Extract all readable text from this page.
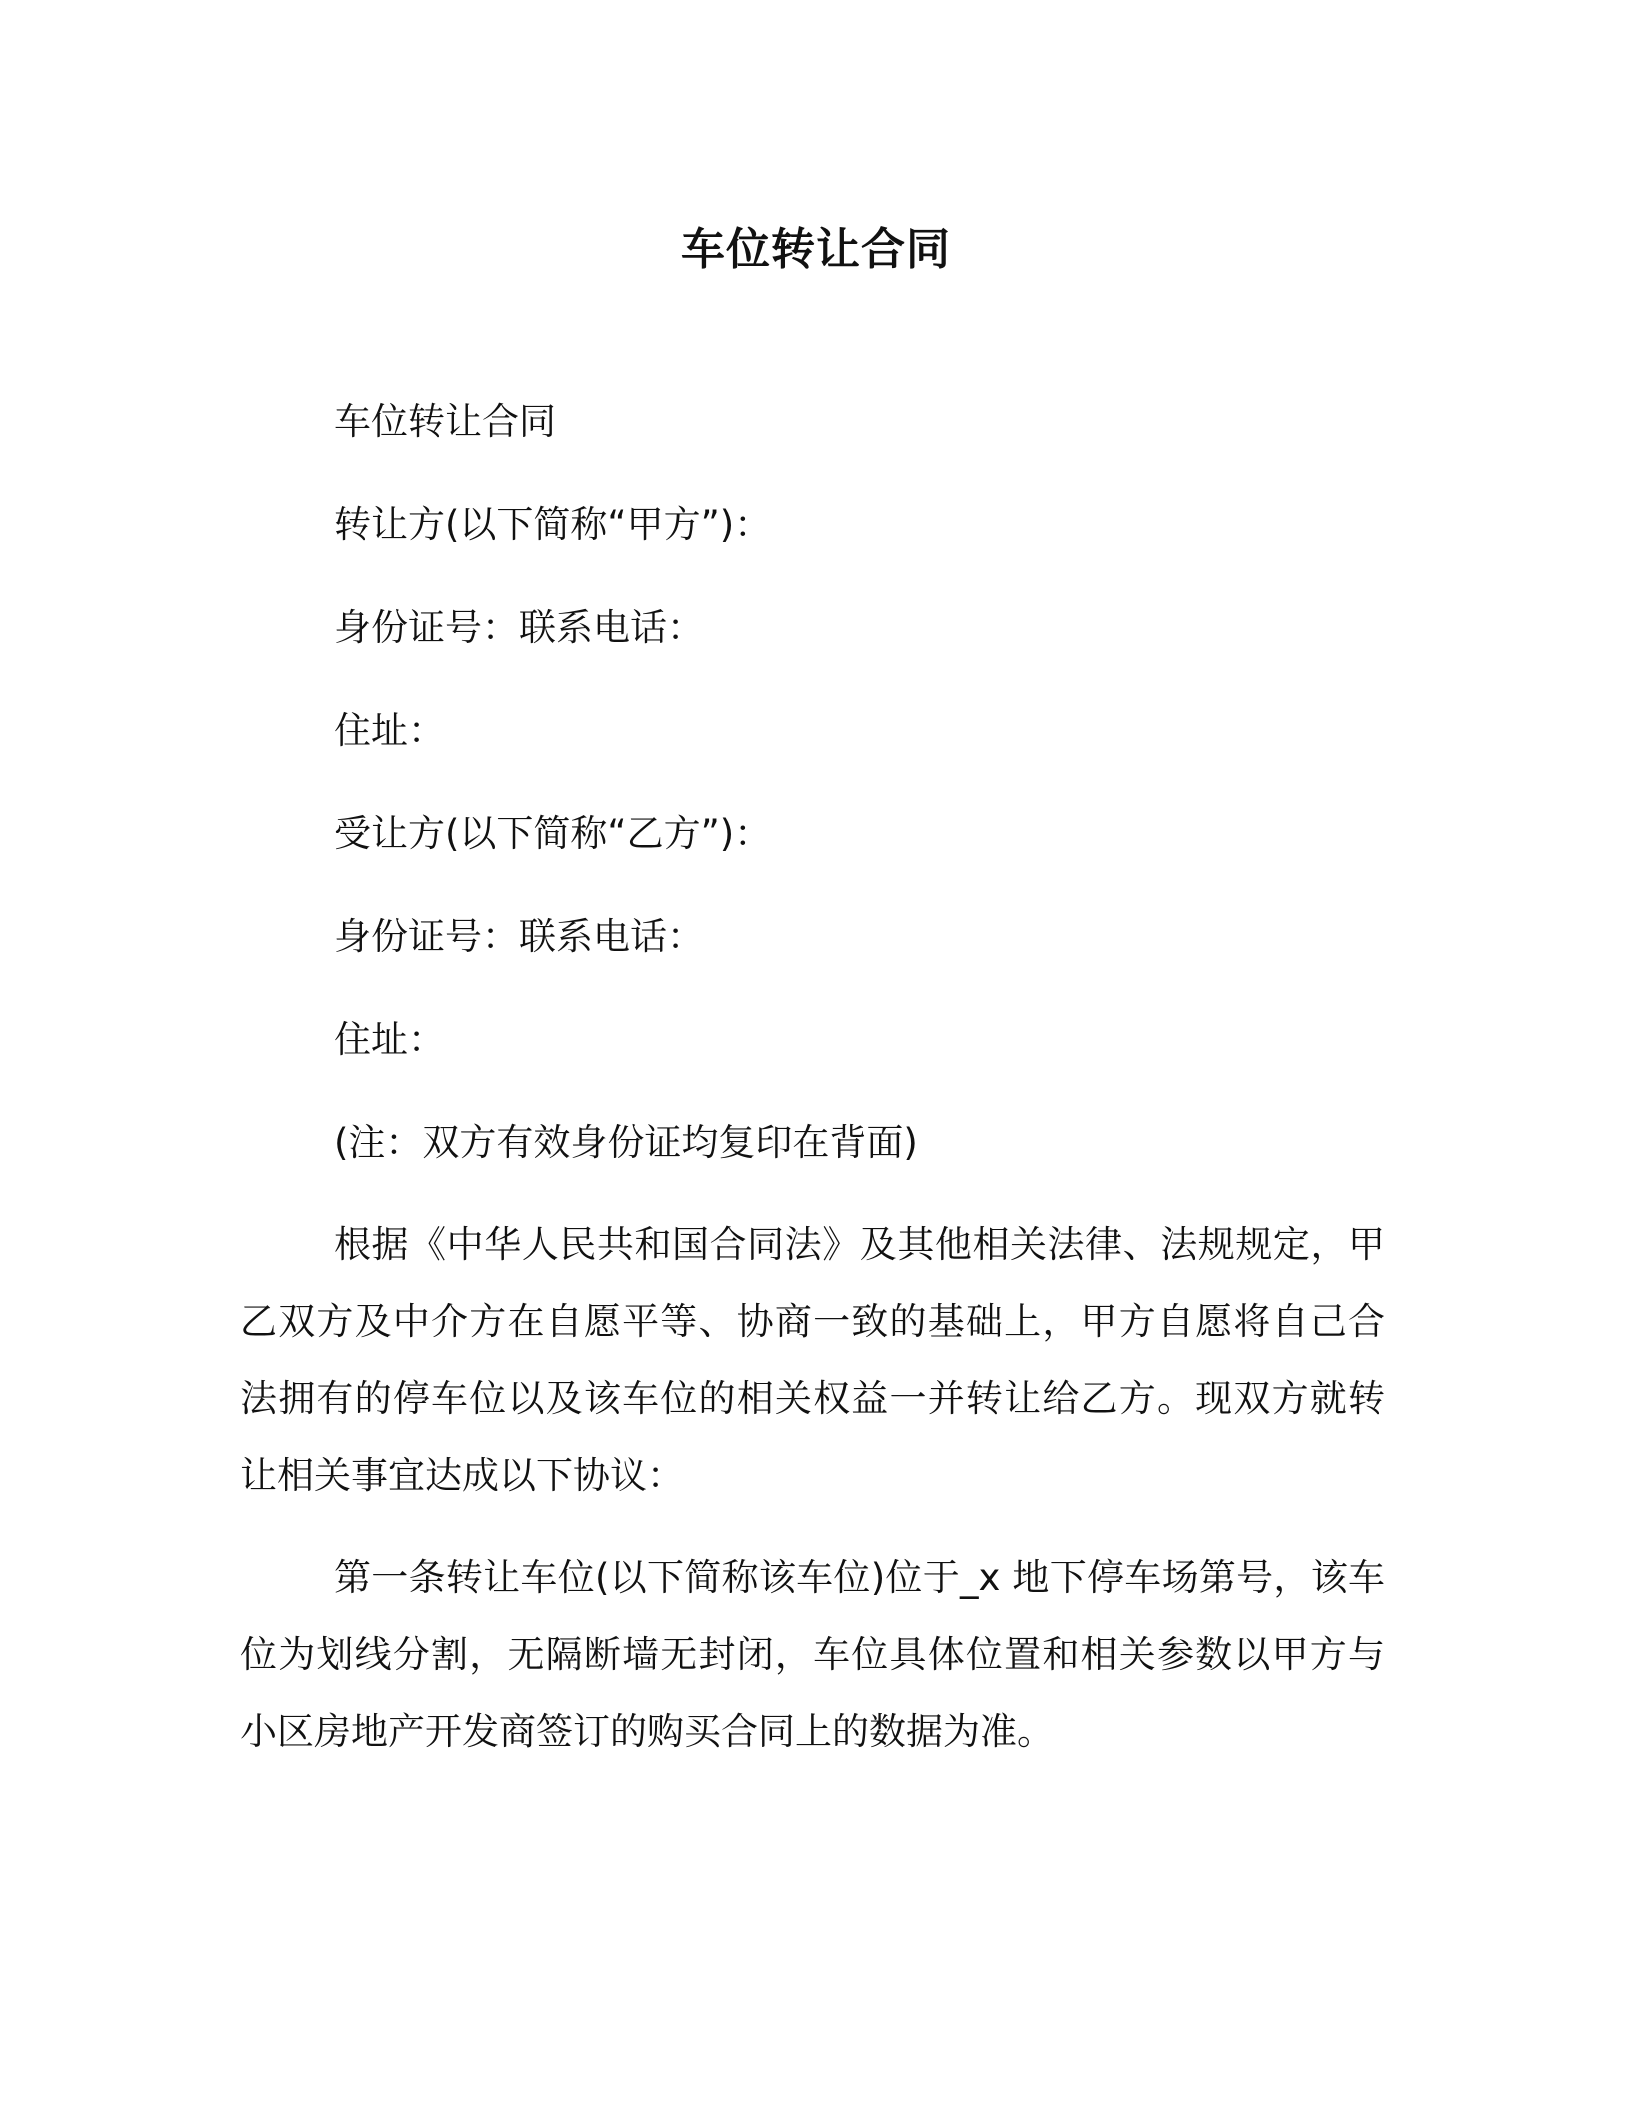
车位转让合同
车位转让合同
转让方(以下简称“甲方”)：
身份证号：联系电话：
住址：
受让方(以下简称“乙方”)：
身份证号：联系电话：
住址：
(注：双方有效身份证均复印在背面)
根据《中华人民共和国合同法》及其他相关法律、法规规定，甲乙双方及中介方在自愿平等、协商一致的基础上，甲方自愿将自己合法拥有的停车位以及该车位的相关权益一并转让给乙方。现双方就转让相关事宜达成以下协议：
第一条转让车位(以下简称该车位)位于_x 地下停车场第号，该车位为划线分割，无隔断墙无封闭，车位具体位置和相关参数以甲方与小区房地产开发商签订的购买合同上的数据为准。
